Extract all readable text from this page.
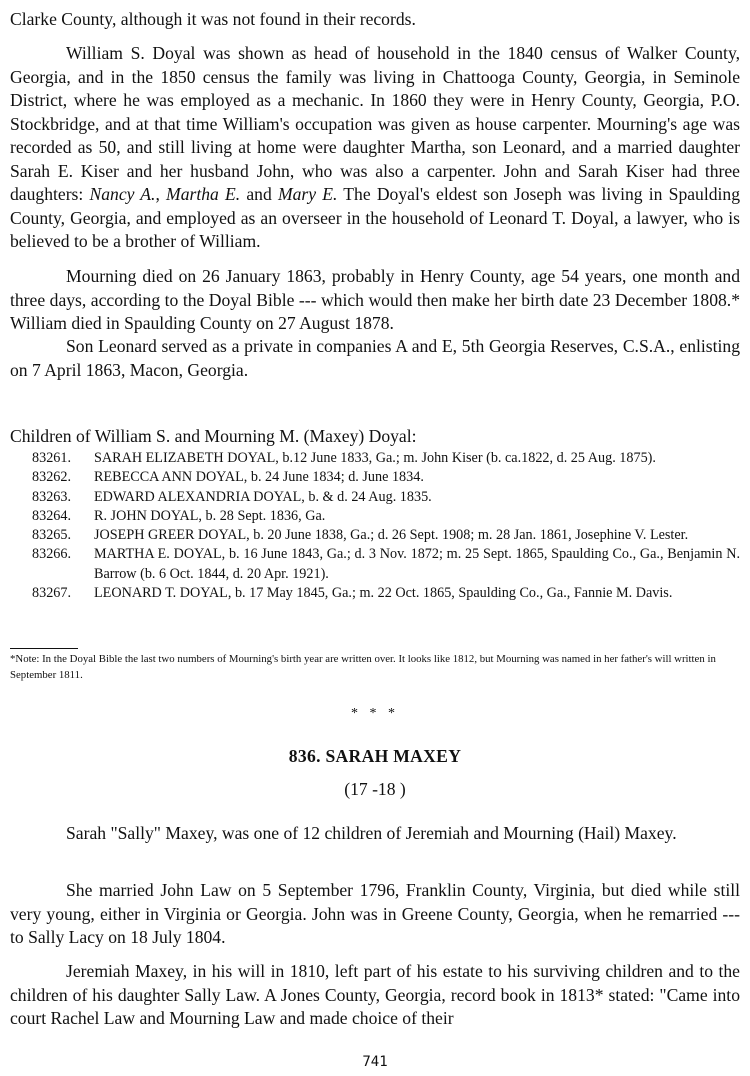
Clarke County, although it was not found in their records.

William S. Doyal was shown as head of household in the 1840 census of Walker County, Georgia, and in the 1850 census the family was living in Chattooga County, Georgia, in Seminole District, where he was employed as a mechanic. In 1860 they were in Henry County, Georgia, P.O. Stockbridge, and at that time William's occupation was given as house carpenter. Mourning's age was recorded as 50, and still living at home were daughter Martha, son Leonard, and a married daughter Sarah E. Kiser and her husband John, who was also a carpenter. John and Sarah Kiser had three daughters: Nancy A., Martha E. and Mary E. The Doyal's eldest son Joseph was living in Spaulding County, Georgia, and employed as an overseer in the household of Leonard T. Doyal, a lawyer, who is believed to be a brother of William.

Mourning died on 26 January 1863, probably in Henry County, age 54 years, one month and three days, according to the Doyal Bible --- which would then make her birth date 23 December 1808.* William died in Spaulding County on 27 August 1878.

Son Leonard served as a private in companies A and E, 5th Georgia Reserves, C.S.A., enlisting on 7 April 1863, Macon, Georgia.

Children of William S. and Mourning M. (Maxey) Doyal:

83261.	SARAH ELIZABETH DOYAL, b.12 June 1833, Ga.; m. John Kiser (b. ca.1822, d. 25 Aug. 1875).
83262.	REBECCA ANN DOYAL, b. 24 June 1834; d. June 1834.
83263.	EDWARD ALEXANDRIA DOYAL, b. & d. 24 Aug. 1835.
83264.	R. JOHN DOYAL, b. 28 Sept. 1836, Ga.
83265.	JOSEPH GREER DOYAL, b. 20 June 1838, Ga.; d. 26 Sept. 1908; m. 28 Jan. 1861, Josephine V. Lester.
83266.	MARTHA E. DOYAL, b. 16 June 1843, Ga.; d. 3 Nov. 1872; m. 25 Sept. 1865, Spaulding Co., Ga., Benjamin N. Barrow (b. 6 Oct. 1844, d. 20 Apr. 1921).
83267.	LEONARD T. DOYAL, b. 17 May 1845, Ga.; m. 22 Oct. 1865, Spaulding Co., Ga., Fannie M. Davis.

*Note: In the Doyal Bible the last two numbers of Mourning's birth year are written over. It looks like 1812, but Mourning was named in her father's will written in September 1811.

* * *

836. SARAH MAXEY

(17 -18 )

Sarah "Sally" Maxey, was one of 12 children of Jeremiah and Mourning (Hail) Maxey.

She married John Law on 5 September 1796, Franklin County, Virginia, but died while still very young, either in Virginia or Georgia. John was in Greene County, Georgia, when he remarried --- to Sally Lacy on 18 July 1804.

Jeremiah Maxey, in his will in 1810, left part of his estate to his surviving children and to the children of his daughter Sally Law. A Jones County, Georgia, record book in 1813* stated: "Came into court Rachel Law and Mourning Law and made choice of their

741
